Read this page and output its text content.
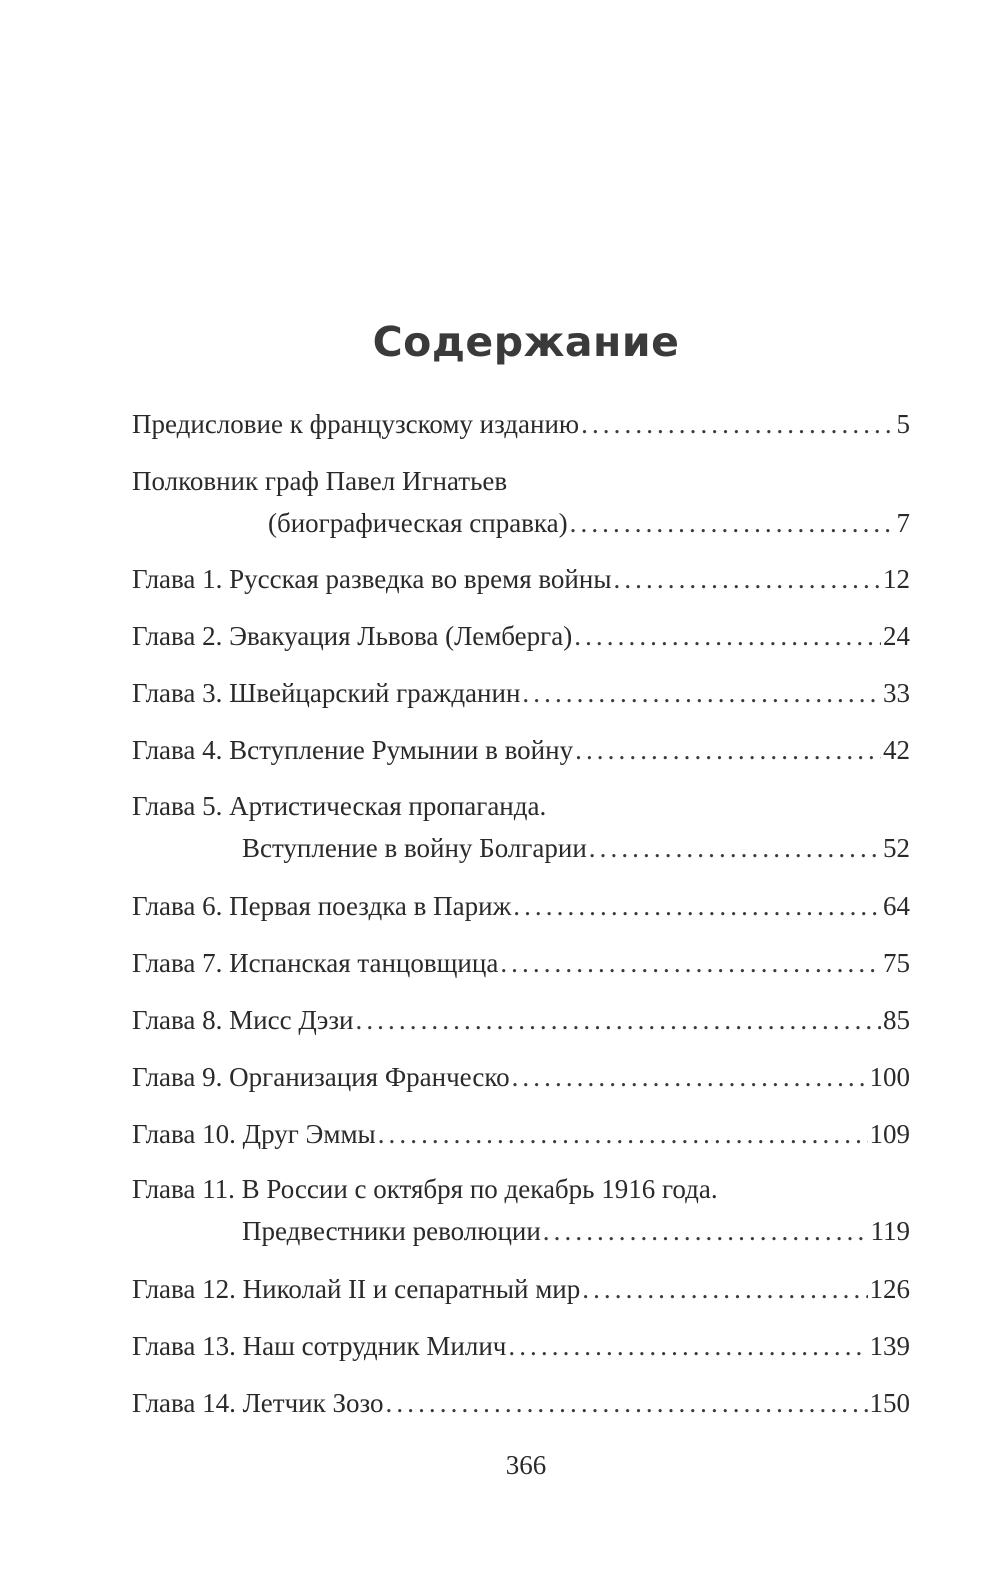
Содержание
Предисловие к французскому изданию .....	5
Полковник граф Павел Игнатьев
(биографическая справка) .....	7
Глава 1. Русская разведка во время войны .....	12
Глава 2. Эвакуация Львова (Лемберга) .....	24
Глава 3. Швейцарский гражданин .....	33
Глава 4. Вступление Румынии в войну .....	42
Глава 5. Артистическая пропаганда.
Вступление в войну Болгарии .....	52
Глава 6. Первая поездка в Париж .....	64
Глава 7. Испанская танцовщица .....	75
Глава 8. Мисс Дэзи .....	85
Глава 9. Организация Франческо .....	100
Глава 10. Друг Эммы .....	109
Глава 11. В России с октября по декабрь 1916 года.
Предвестники революции .....	119
Глава 12. Николай II и сепаратный мир .....	126
Глава 13. Наш сотрудник Милич .....	139
Глава 14. Летчик Зозо .....	150
366
